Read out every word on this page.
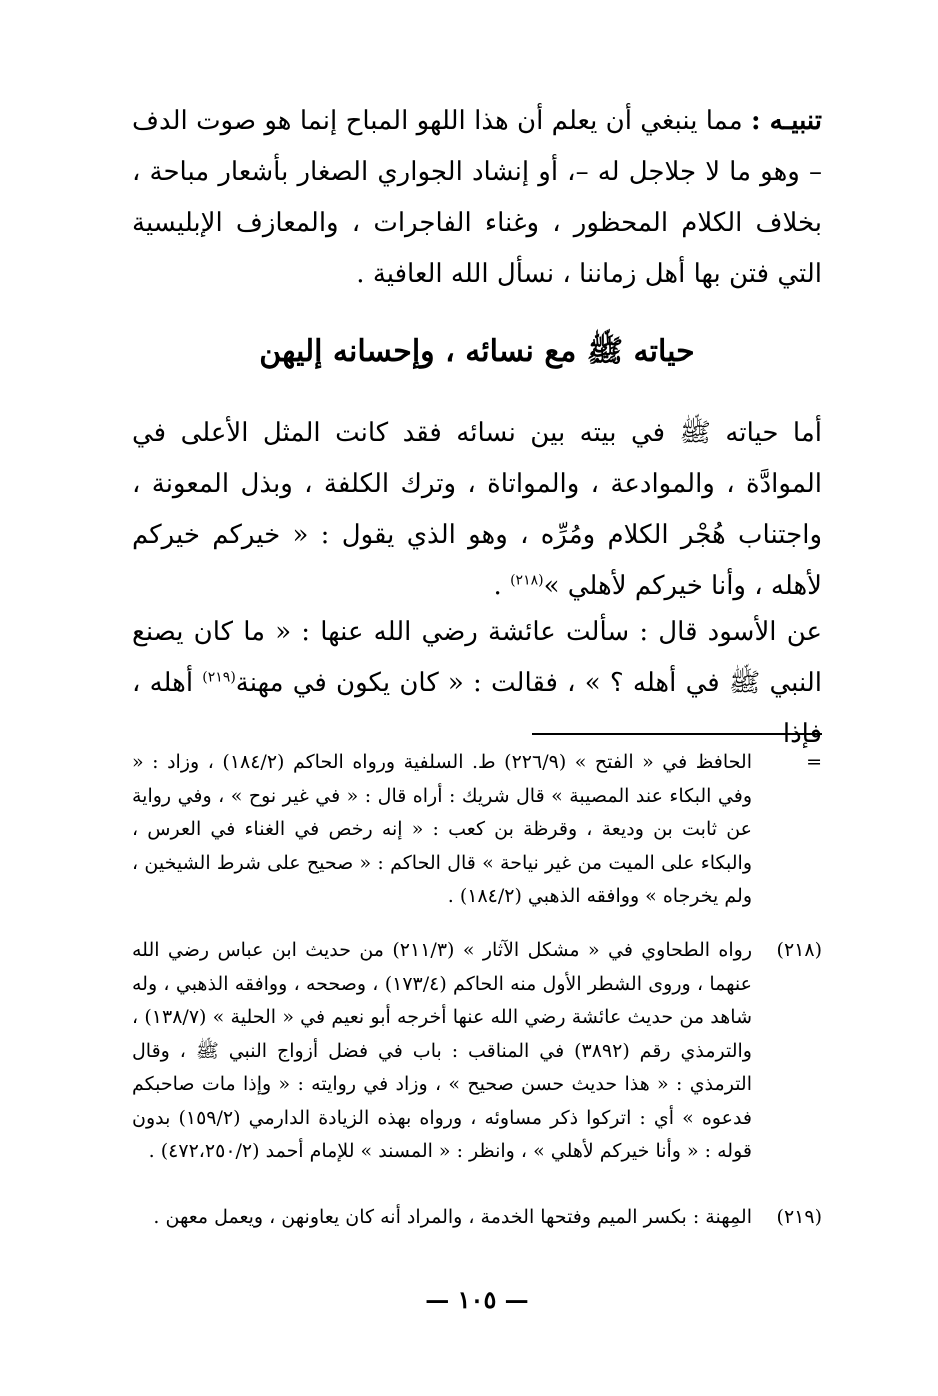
تنبيـه : مما ينبغي أن يعلم أن هذا اللهو المباح إنما هو صوت الدف – وهو ما لا جلاجل له –، أو إنشاد الجواري الصغار بأشعار مباحة ، بخلاف الكلام المحظور ، وغناء الفاجرات ، والمعازف الإبليسية التي فتن بها أهل زماننا ، نسأل الله العافية .

حياته ﷺ مع نسائه ، وإحسانه إليهن

أما حياته ﷺ في بيته بين نسائه فقد كانت المثل الأعلى في الموادَّة ، والموادعة ، والمواتاة ، وترك الكلفة ، وبذل المعونة ، واجتناب هُجْر الكلام ومُرِّه ، وهو الذي يقول : « خيركم خيركم لأهله ، وأنا خيركم لأهلي »$^{(٢١٨)}$ .

عن الأسود قال : سألت عائشة رضي الله عنها : « ما كان يصنع النبي ﷺ في أهله ؟ » ، فقالت : « كان يكون في مهنة$^{(٢١٩)}$ أهله ، فإذا

=
الحافظ في « الفتح » (٢٢٦/٩) ط. السلفية ورواه الحاكم (١٨٤/٢) ، وزاد : « وفي البكاء عند المصيبة » قال شريك : أراه قال : « في غير نوح » ، وفي رواية عن ثابت بن وديعة ، وقرظة بن كعب : « إنه رخص في الغناء في العرس ، والبكاء على الميت من غير نياحة » قال الحاكم : « صحيح على شرط الشيخين ، ولم يخرجاه » ووافقه الذهبي (١٨٤/٢) .

(٢١٨)
رواه الطحاوي في « مشكل الآثار » (٢١١/٣) من حديث ابن عباس رضي الله عنهما ، وروى الشطر الأول منه الحاكم (١٧٣/٤) ، وصححه ، ووافقه الذهبي ، وله شاهد من حديث عائشة رضي الله عنها أخرجه أبو نعيم في « الحلية » (١٣٨/٧) ، والترمذي رقم (٣٨٩٢) في المناقب : باب في فضل أزواج النبي ﷺ ، وقال الترمذي : « هذا حديث حسن صحيح » ، وزاد في روايته : « وإذا مات صاحبكم فدعوه » أي : اتركوا ذكر مساوئه ، ورواه بهذه الزيادة الدارمي (١٥٩/٢) بدون قوله : « وأنا خيركم لأهلي » ، وانظر : « المسند » للإمام أحمد (٤٧٢،٢٥٠/٢) .

(٢١٩)
المِهنة : بكسر الميم وفتحها الخدمة ، والمراد أنه كان يعاونهن ، ويعمل معهن .

— ١٠٥ —
